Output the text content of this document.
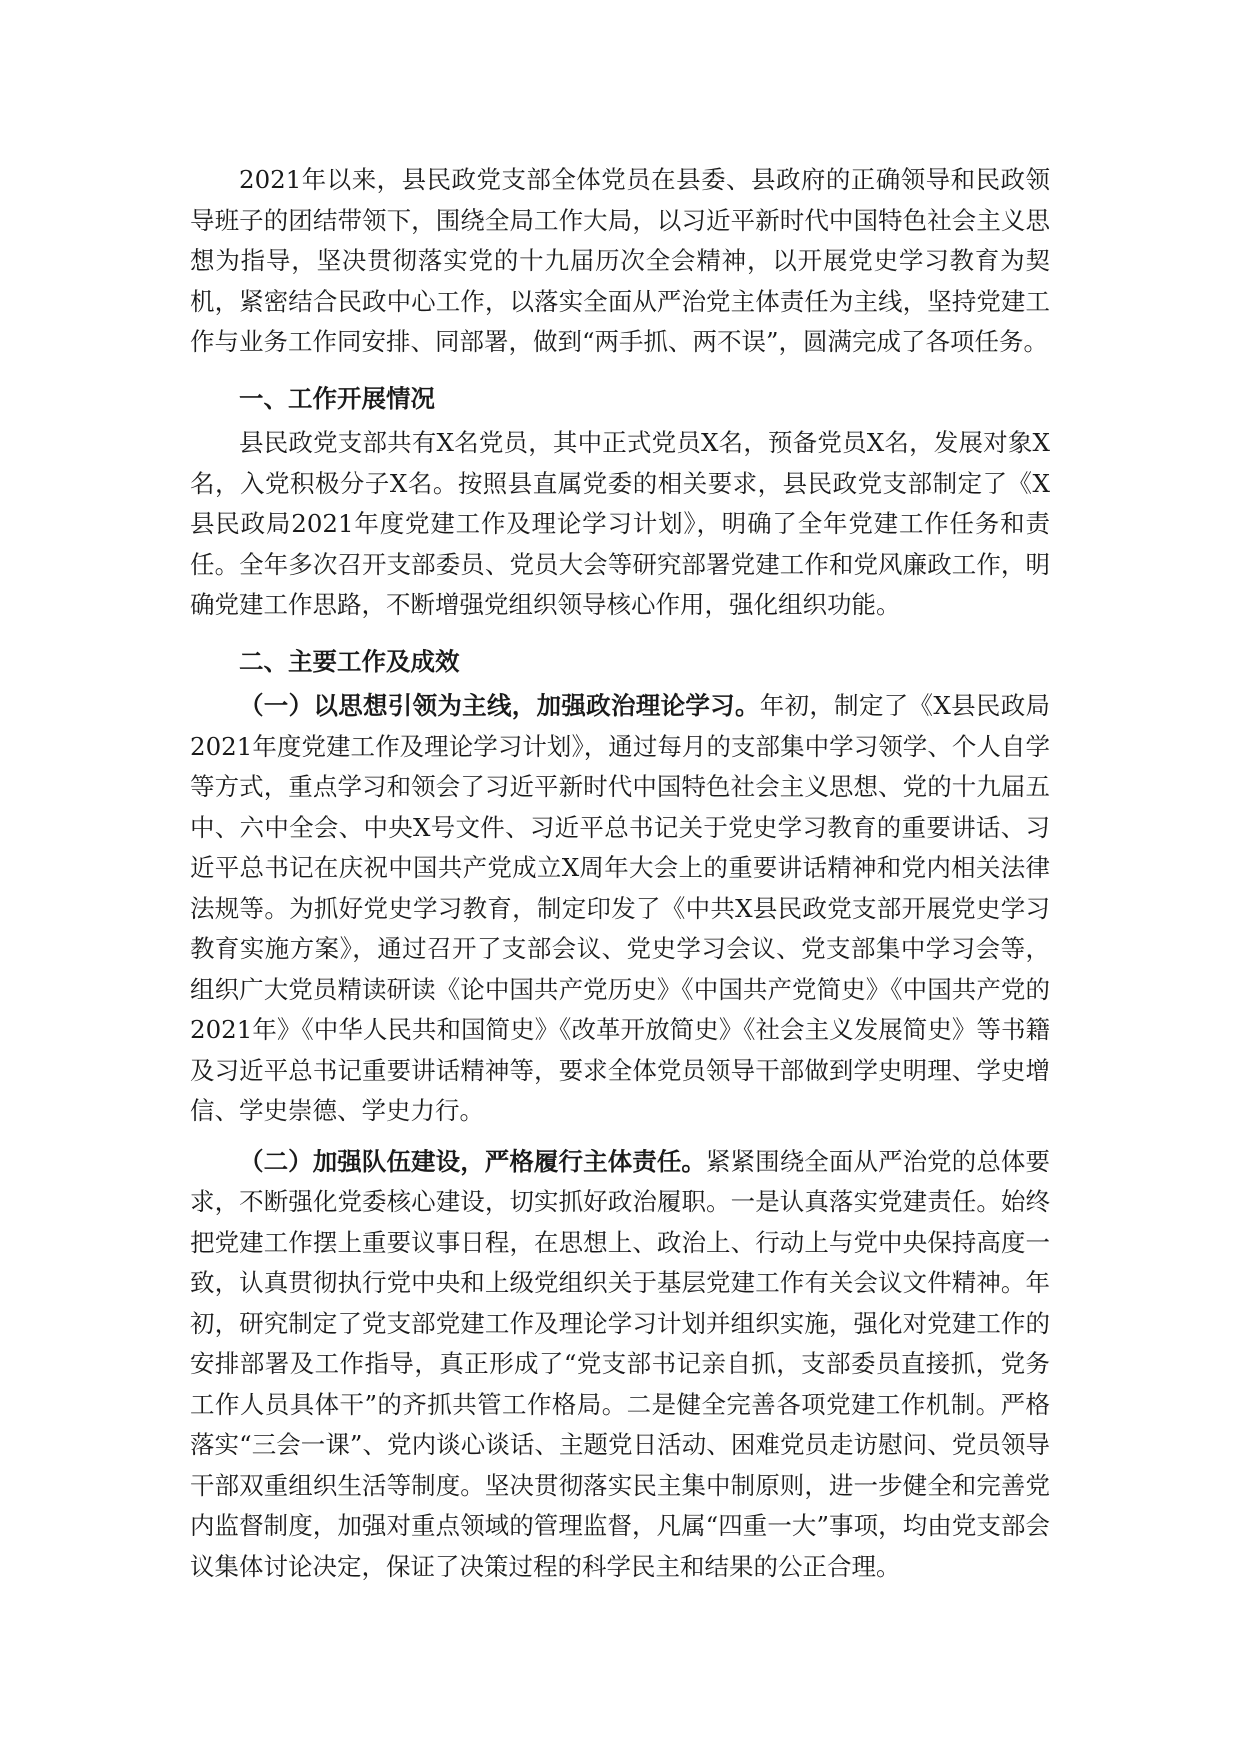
2021年以来，县民政党支部全体党员在县委、县政府的正确领导和民政领导班子的团结带领下，围绕全局工作大局，以习近平新时代中国特色社会主义思想为指导，坚决贯彻落实党的十九届历次全会精神，以开展党史学习教育为契机，紧密结合民政中心工作，以落实全面从严治党主体责任为主线，坚持党建工作与业务工作同安排、同部署，做到“两手抓、两不误”，圆满完成了各项任务。

一、工作开展情况

县民政党支部共有X名党员，其中正式党员X名，预备党员X名，发展对象X名，入党积极分子X名。按照县直属党委的相关要求，县民政党支部制定了《X县民政局2021年度党建工作及理论学习计划》，明确了全年党建工作任务和责任。全年多次召开支部委员、党员大会等研究部署党建工作和党风廉政工作，明确党建工作思路，不断增强党组织领导核心作用，强化组织功能。

二、主要工作及成效

（一）以思想引领为主线，加强政治理论学习。年初，制定了《X县民政局2021年度党建工作及理论学习计划》，通过每月的支部集中学习领学、个人自学等方式，重点学习和领会了习近平新时代中国特色社会主义思想、党的十九届五中、六中全会、中央X号文件、习近平总书记关于党史学习教育的重要讲话、习近平总书记在庆祝中国共产党成立X周年大会上的重要讲话精神和党内相关法律法规等。为抓好党史学习教育，制定印发了《中共X县民政党支部开展党史学习教育实施方案》，通过召开了支部会议、党史学习会议、党支部集中学习会等，组织广大党员精读研读《论中国共产党历史》《中国共产党简史》《中国共产党的2021年》《中华人民共和国简史》《改革开放简史》《社会主义发展简史》等书籍及习近平总书记重要讲话精神等，要求全体党员领导干部做到学史明理、学史增信、学史崇德、学史力行。

（二）加强队伍建设，严格履行主体责任。紧紧围绕全面从严治党的总体要求，不断强化党委核心建设，切实抓好政治履职。一是认真落实党建责任。始终把党建工作摆上重要议事日程，在思想上、政治上、行动上与党中央保持高度一致，认真贯彻执行党中央和上级党组织关于基层党建工作有关会议文件精神。年初，研究制定了党支部党建工作及理论学习计划并组织实施，强化对党建工作的安排部署及工作指导，真正形成了“党支部书记亲自抓，支部委员直接抓，党务工作人员具体干”的齐抓共管工作格局。二是健全完善各项党建工作机制。严格落实“三会一课”、党内谈心谈话、主题党日活动、困难党员走访慰问、党员领导干部双重组织生活等制度。坚决贯彻落实民主集中制原则，进一步健全和完善党内监督制度，加强对重点领域的管理监督，凡属“四重一大”事项，均由党支部会议集体讨论决定，保证了决策过程的科学民主和结果的公正合理。
